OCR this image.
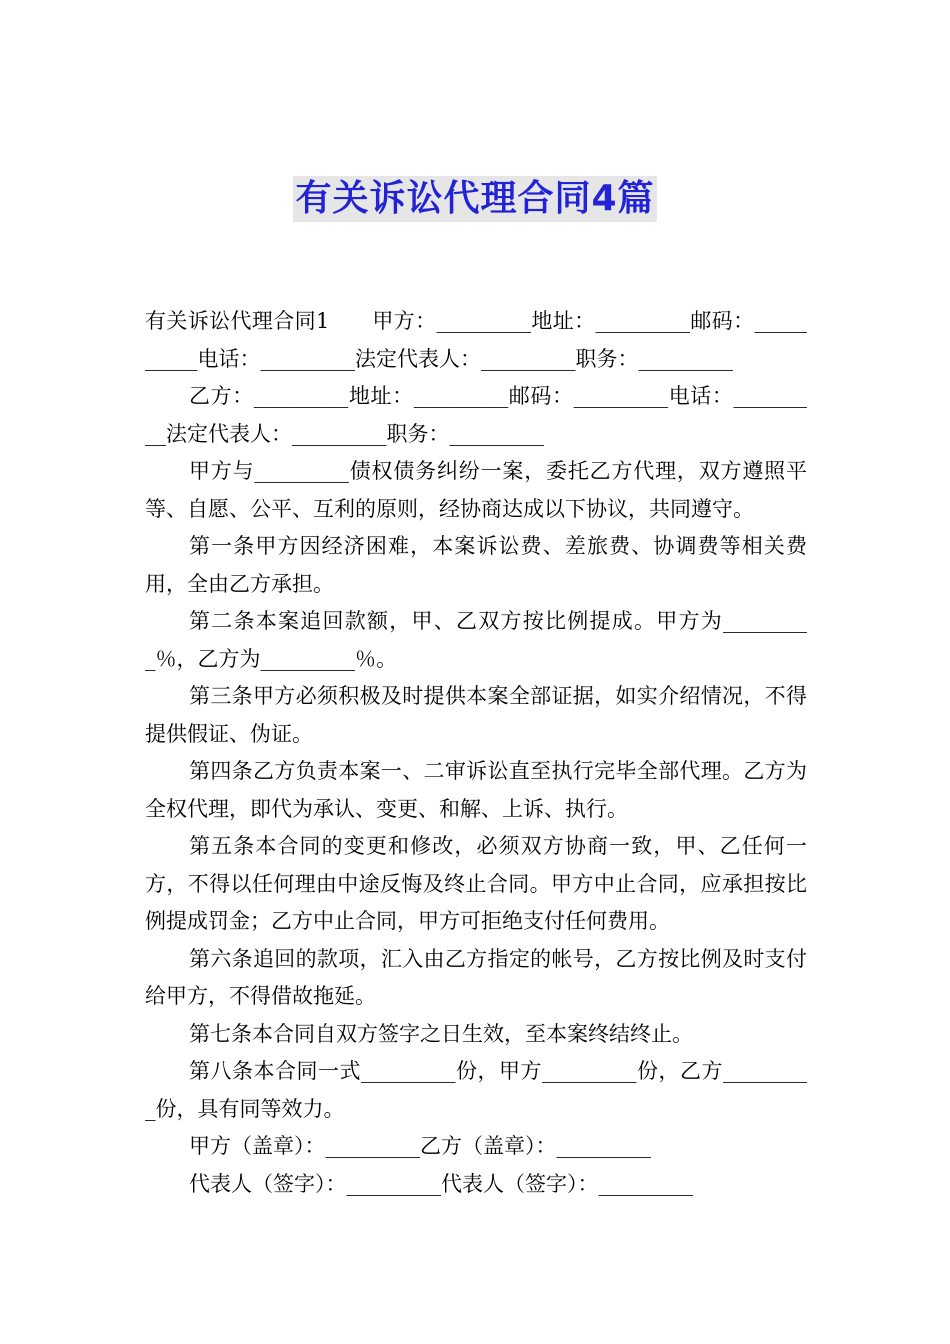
有关诉讼代理合同4篇

有关诉讼代理合同1　　甲方：_________地址：_________邮码：__________电话：_________法定代表人：_________职务：_________

乙方：_________地址：_________邮码：_________电话：_________法定代表人：_________职务：_________

甲方与_________债权债务纠纷一案，委托乙方代理，双方遵照平等、自愿、公平、互利的原则，经协商达成以下协议，共同遵守。

第一条甲方因经济困难，本案诉讼费、差旅费、协调费等相关费用，全由乙方承担。

第二条本案追回款额，甲、乙双方按比例提成。甲方为_________％，乙方为_________％。

第三条甲方必须积极及时提供本案全部证据，如实介绍情况，不得提供假证、伪证。

第四条乙方负责本案一、二审诉讼直至执行完毕全部代理。乙方为全权代理，即代为承认、变更、和解、上诉、执行。

第五条本合同的变更和修改，必须双方协商一致，甲、乙任何一方，不得以任何理由中途反悔及终止合同。甲方中止合同，应承担按比例提成罚金；乙方中止合同，甲方可拒绝支付任何费用。

第六条追回的款项，汇入由乙方指定的帐号，乙方按比例及时支付给甲方，不得借故拖延。

第七条本合同自双方签字之日生效，至本案终结终止。

第八条本合同一式_________份，甲方_________份，乙方_________份，具有同等效力。

甲方（盖章）：_________乙方（盖章）：_________

代表人（签字）：_________代表人（签字）：_________
